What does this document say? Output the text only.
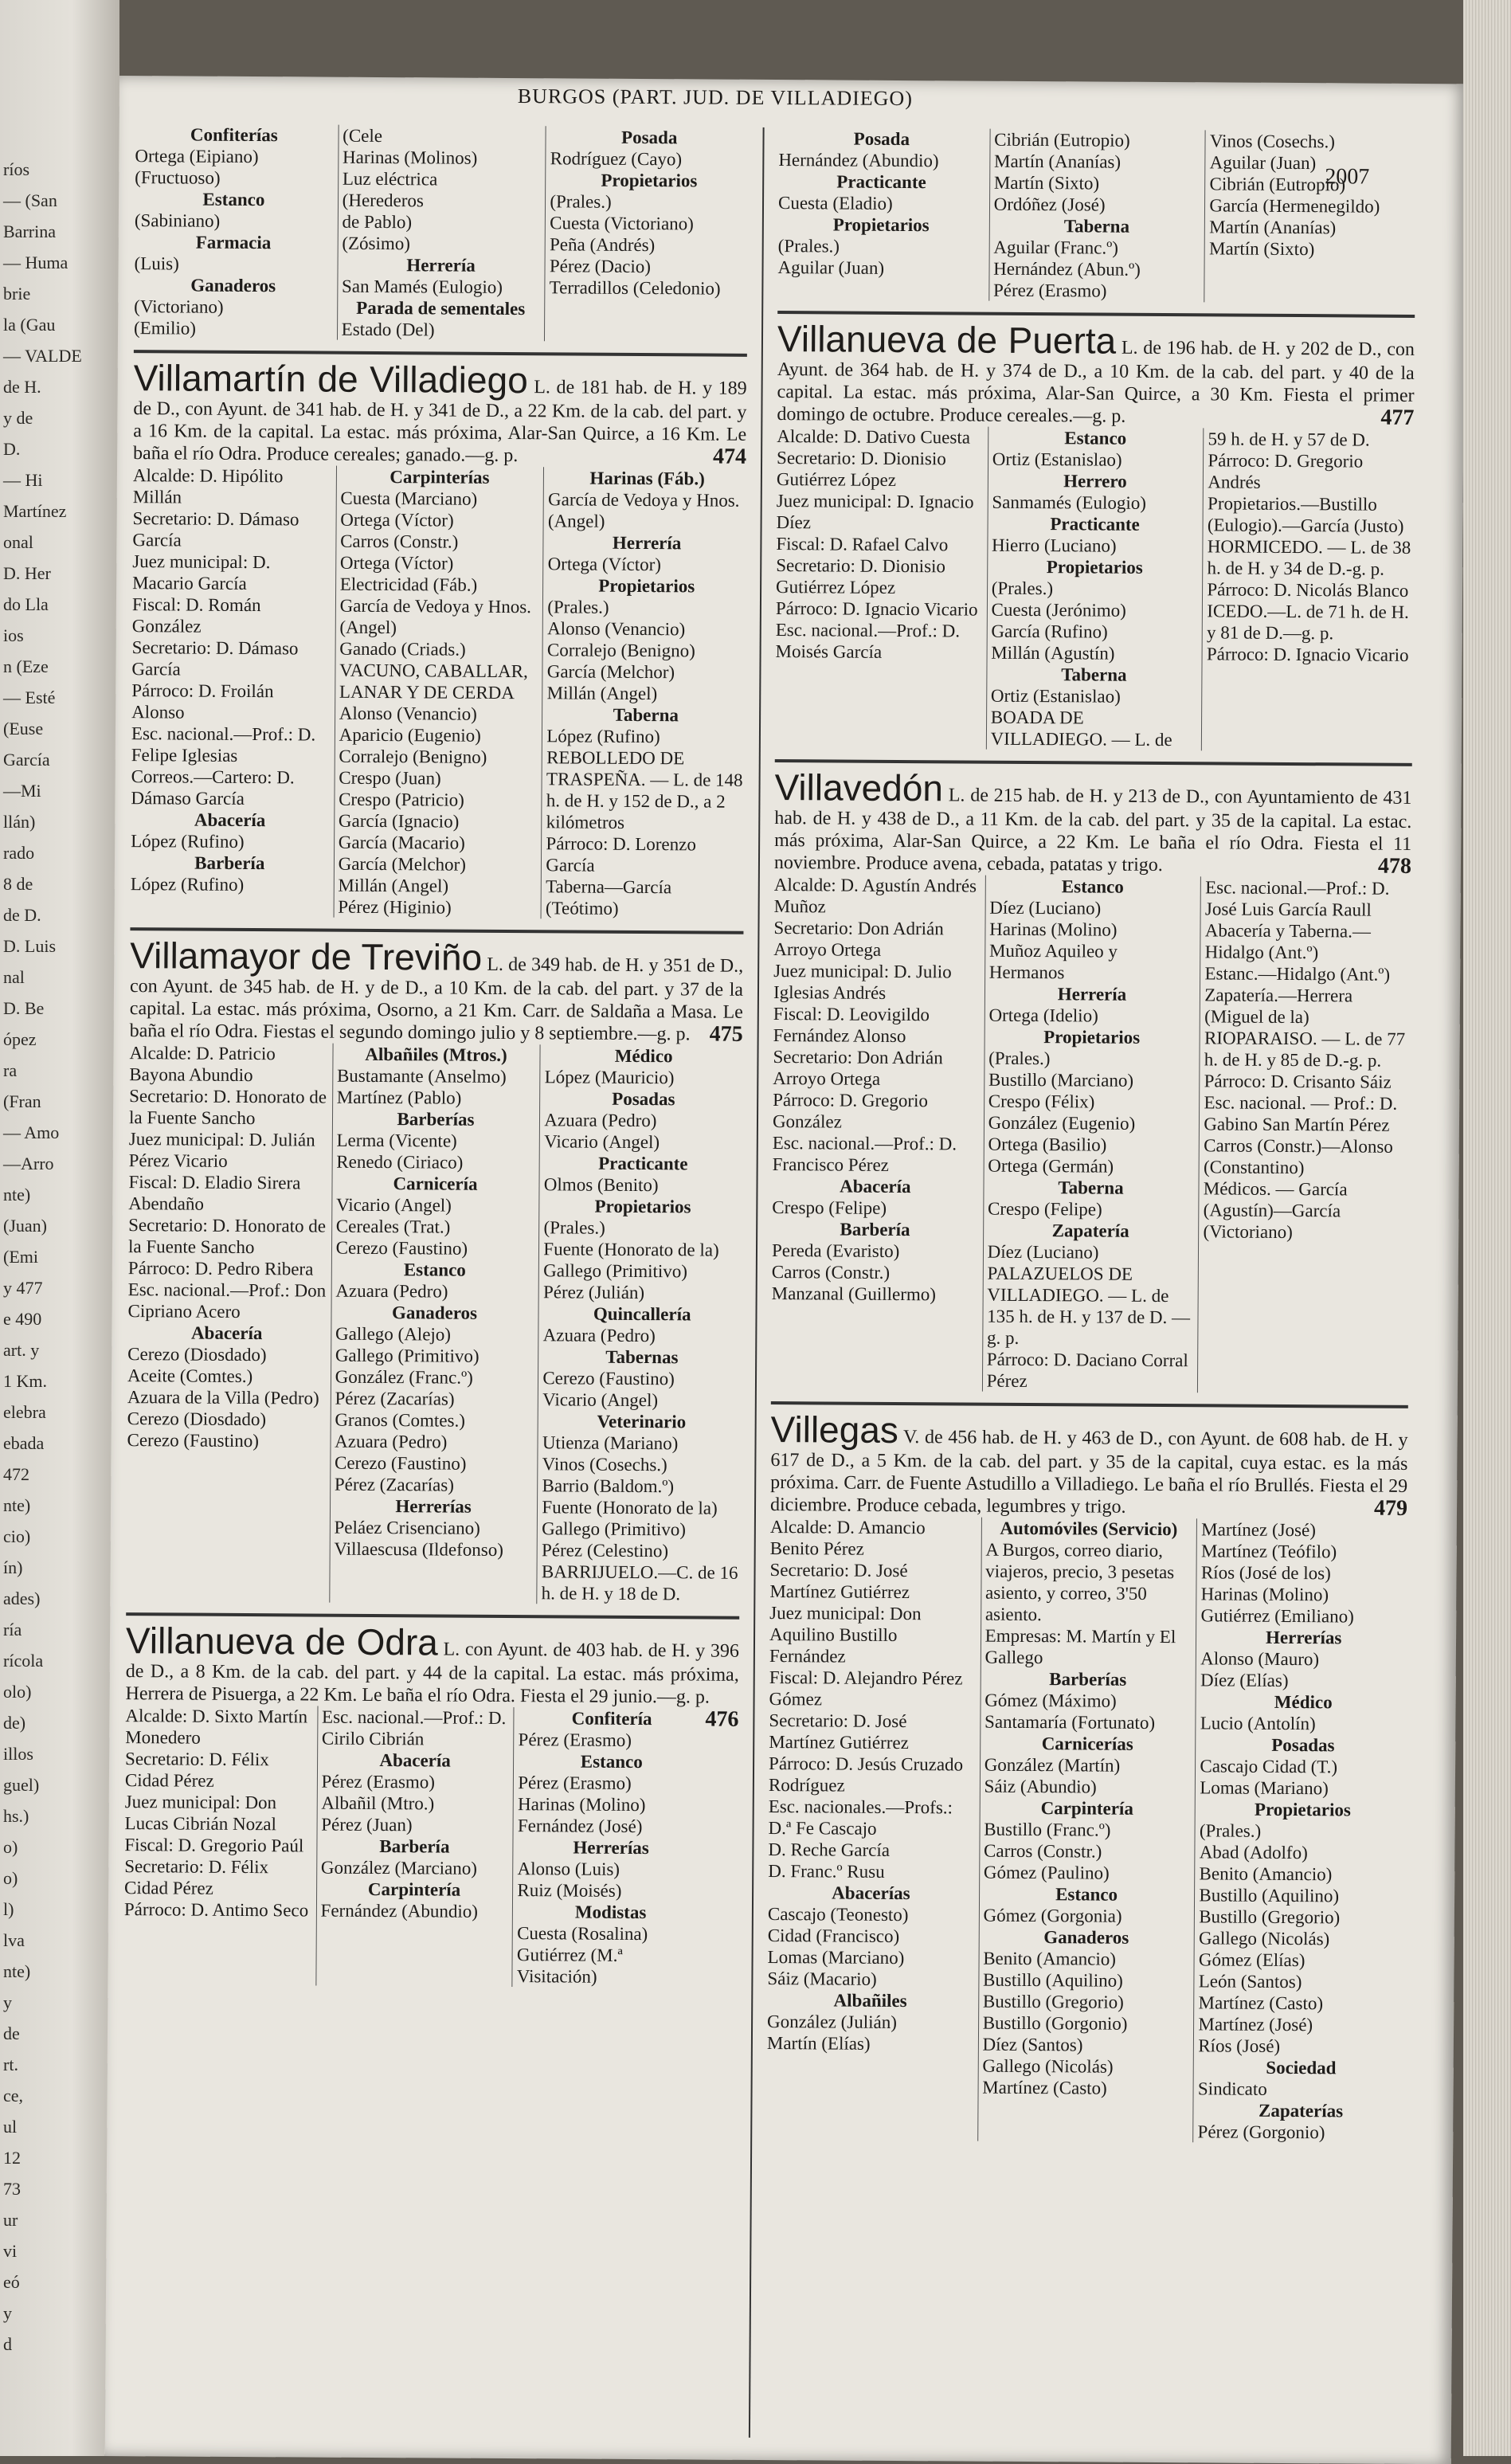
ríos
— (San
Barrina
— Huma
brie
la (Gau
— VALDE
de H.
y de
D.
— Hi
Martínez
onal
D. Her
do Lla
ios
n (Eze
— Esté
(Euse
García
—Mi
llán)
rado
8 de
de D.
D. Luis
nal
D. Be
ópez
ra
(Fran
— Amo
—Arro
nte)
(Juan)
(Emi
y 477
e 490
art. y
1 Km.
elebra
ebada
472
nte)
cio)
ín)
ades)
ría
rícola
olo)
de)
illos
guel)
hs.)
o)
o)
l)
lva
nte)
y
de
rt.
ce,
ul
12
73
ur
vi
eó
y
d
BURGOS (PART. JUD. DE VILLADIEGO)
2007
Confiterías
Ortega (Eipiano)
(Fructuoso)
Estanco
(Sabiniano)
Farmacia
(Luis)
Ganaderos
(Victoriano)
(Emilio)
(Cele
Harinas (Molinos)
Luz eléctrica
(Herederos
de Pablo)
(Zósimo)
Herrería
San Mamés (Eulogio)
Parada de sementales
Estado (Del)
Posada
Rodríguez (Cayo)
Propietarios
(Prales.)
Cuesta (Victoriano)
Peña (Andrés)
Pérez (Dacio)
Terradillos (Celedonio)
Villamartín de Villadiego L. de 181 hab. de H. y 189 de D., con Ayunt. de 341 hab. de H. y 341 de D., a 22 Km. de la cab. del part. y a 16 Km. de la capital. La estac. más próxima, Alar-San Quirce, a 16 Km. Le baña el río Odra. Produce cereales; ganado.—g. p.	474
Alcalde: D. Hipólito Millán
Secretario: D. Dámaso García
Juez municipal: D. Macario García
Fiscal: D. Román González
Secretario: D. Dámaso García
Párroco: D. Froilán Alonso
Esc. nacional.—Prof.: D. Felipe Iglesias
Correos.—Cartero: D. Dámaso García
Abacería
López (Rufino)
Barbería
López (Rufino)
Carpinterías
Cuesta (Marciano)
Ortega (Víctor)
Carros (Constr.)
Ortega (Víctor)
Electricidad (Fáb.)
García de Vedoya y Hnos. (Angel)
Ganado (Criads.)
VACUNO, CABALLAR, LANAR Y DE CERDA
Alonso (Venancio)
Aparicio (Eugenio)
Corralejo (Benigno)
Crespo (Juan)
Crespo (Patricio)
García (Ignacio)
García (Macario)
García (Melchor)
Millán (Angel)
Pérez (Higinio)
Harinas (Fáb.)
García de Vedoya y Hnos. (Angel)
Herrería
Ortega (Víctor)
Propietarios
(Prales.)
Alonso (Venancio)
Corralejo (Benigno)
García (Melchor)
Millán (Angel)
Taberna
López (Rufino)
REBOLLEDO DE TRASPEÑA. — L. de 148 h. de H. y 152 de D., a 2 kilómetros
Párroco: D. Lorenzo García
Taberna—García (Teótimo)
Villamayor de Treviño L. de 349 hab. de H. y 351 de D., con Ayunt. de 345 hab. de H. y de D., a 10 Km. de la cab. del part. y 37 de la capital. La estac. más próxima, Osorno, a 21 Km. Carr. de Saldaña a Masa. Le baña el río Odra. Fiestas el segundo domingo julio y 8 septiembre.—g. p. 475
Alcalde: D. Patricio Bayona Abundio
Secretario: D. Honorato de la Fuente Sancho
Juez municipal: D. Julián Pérez Vicario
Fiscal: D. Eladio Sirera Abendaño
Secretario: D. Honorato de la Fuente Sancho
Párroco: D. Pedro Ribera
Esc. nacional.—Prof.: Don Cipriano Acero
Abacería
Cerezo (Diosdado)
Aceite (Comtes.)
Azuara de la Villa (Pedro)
Cerezo (Diosdado)
Cerezo (Faustino)
Albañiles (Mtros.)
Bustamante (Anselmo)
Martínez (Pablo)
Barberías
Lerma (Vicente)
Renedo (Ciriaco)
Carnicería
Vicario (Angel)
Cereales (Trat.)
Cerezo (Faustino)
Estanco
Azuara (Pedro)
Ganaderos
Gallego (Alejo)
Gallego (Primitivo)
González (Franc.º)
Pérez (Zacarías)
Granos (Comtes.)
Azuara (Pedro)
Cerezo (Faustino)
Pérez (Zacarías)
Herrerías
Peláez Crisenciano)
Villaescusa (Ildefonso)
Médico
López (Mauricio)
Posadas
Azuara (Pedro)
Vicario (Angel)
Practicante
Olmos (Benito)
Propietarios
(Prales.)
Fuente (Honorato de la)
Gallego (Primitivo)
Pérez (Julián)
Quincallería
Azuara (Pedro)
Tabernas
Cerezo (Faustino)
Vicario (Angel)
Veterinario
Utienza (Mariano)
Vinos (Cosechs.)
Barrio (Baldom.º)
Fuente (Honorato de la)
Gallego (Primitivo)
Pérez (Celestino)
BARRIJUELO.—C. de 16 h. de H. y 18 de D.
Villanueva de Odra L. con Ayunt. de 403 hab. de H. y 396 de D., a 8 Km. de la cab. del part. y 44 de la capital. La estac. más próxima, Herrera de Pisuerga, a 22 Km. Le baña el río Odra. Fiesta el 29 junio.—g. p.
476
Alcalde: D. Sixto Martín Monedero
Secretario: D. Félix Cidad Pérez
Juez municipal: Don Lucas Cibrián Nozal
Fiscal: D. Gregorio Paúl
Secretario: D. Félix Cidad Pérez
Párroco: D. Antimo Seco
Esc. nacional.—Prof.: D. Cirilo Cibrián
Abacería
Pérez (Erasmo)
Albañil (Mtro.)
Pérez (Juan)
Barbería
González (Marciano)
Carpintería
Fernández (Abundio)
Confitería
Pérez (Erasmo)
Estanco
Pérez (Erasmo)
Harinas (Molino)
Fernández (José)
Herrerías
Alonso (Luis)
Ruiz (Moisés)
Modistas
Cuesta (Rosalina)
Gutiérrez (M.ª Visitación)
Posada
Hernández (Abundio)
Practicante
Cuesta (Eladio)
Propietarios
(Prales.)
Aguilar (Juan)
Cibrián (Eutropio)
Martín (Ananías)
Martín (Sixto)
Ordóñez (José)
Taberna
Aguilar (Franc.º)
Hernández (Abun.º)
Pérez (Erasmo)
Vinos (Cosechs.)
Aguilar (Juan)
Cibrián (Eutropio)
García (Hermenegildo)
Martín (Ananías)
Martín (Sixto)
Villanueva de Puerta L. de 196 hab. de H. y 202 de D., con Ayunt. de 364 hab. de H. y 374 de D., a 10 Km. de la cab. del part. y 40 de la capital. La estac. más próxima, Alar-San Quirce, a 30 Km. Fiesta el primer domingo de octubre. Produce cereales.—g. p.	477
Alcalde: D. Dativo Cuesta
Secretario: D. Dionisio Gutiérrez López
Juez municipal: D. Ignacio Díez
Fiscal: D. Rafael Calvo
Secretario: D. Dionisio Gutiérrez López
Párroco: D. Ignacio Vicario
Esc. nacional.—Prof.: D. Moisés García
Estanco
Ortiz (Estanislao)
Herrero
Sanmamés (Eulogio)
Practicante
Hierro (Luciano)
Propietarios
(Prales.)
Cuesta (Jerónimo)
García (Rufino)
Millán (Agustín)
Taberna
Ortiz (Estanislao)
BOADA DE VILLADIEGO. — L. de
59 h. de H. y 57 de D.
Párroco: D. Gregorio Andrés
Propietarios.—Bustillo (Eulogio).—García (Justo)
HORMICEDO. — L. de 38 h. de H. y 34 de D.-g. p.
Párroco: D. Nicolás Blanco
ICEDO.—L. de 71 h. de H. y 81 de D.—g. p.
Párroco: D. Ignacio Vicario
Villavedón L. de 215 hab. de H. y 213 de D., con Ayuntamiento de 431 hab. de H. y 438 de D., a 11 Km. de la cab. del part. y 35 de la capital. La estac. más próxima, Alar-San Quirce, a 22 Km. Le baña el río Odra. Fiesta el 11 noviembre. Produce avena, cebada, patatas y trigo.	478
Alcalde: D. Agustín Andrés Muñoz
Secretario: Don Adrián Arroyo Ortega
Juez municipal: D. Julio Iglesias Andrés
Fiscal: D. Leovigildo Fernández Alonso
Secretario: Don Adrián Arroyo Ortega
Párroco: D. Gregorio González
Esc. nacional.—Prof.: D. Francisco Pérez
Abacería
Crespo (Felipe)
Barbería
Pereda (Evaristo)
Carros (Constr.)
Manzanal (Guillermo)
Estanco
Díez (Luciano)
Harinas (Molino)
Muñoz Aquileo y Hermanos
Herrería
Ortega (Idelio)
Propietarios
(Prales.)
Bustillo (Marciano)
Crespo (Félix)
González (Eugenio)
Ortega (Basilio)
Ortega (Germán)
Taberna
Crespo (Felipe)
Zapatería
Díez (Luciano)
PALAZUELOS DE VILLADIEGO. — L. de 135 h. de H. y 137 de D. — g. p.
Párroco: D. Daciano Corral Pérez
Esc. nacional.—Prof.: D. José Luis García Raull
Abacería y Taberna.—Hidalgo (Ant.º)
Estanc.—Hidalgo (Ant.º)
Zapatería.—Herrera (Miguel de la)
RIOPARAISO. — L. de 77 h. de H. y 85 de D.-g. p.
Párroco: D. Crisanto Sáiz
Esc. nacional. — Prof.: D. Gabino San Martín Pérez
Carros (Constr.)—Alonso (Constantino)
Médicos. — García (Agustín)—García (Victoriano)
Villegas V. de 456 hab. de H. y 463 de D., con Ayunt. de 608 hab. de H. y 617 de D., a 5 Km. de la cab. del part. y 35 de la capital, cuya estac. es la más próxima. Carr. de Fuente Astudillo a Villadiego. Le baña el río Brullés. Fiesta el 29 diciembre. Produce cebada, legumbres y trigo.	479
Alcalde: D. Amancio Benito Pérez
Secretario: D. José Martínez Gutiérrez
Juez municipal: Don Aquilino Bustillo Fernández
Fiscal: D. Alejandro Pérez Gómez
Secretario: D. José Martínez Gutiérrez
Párroco: D. Jesús Cruzado Rodríguez
Esc. nacionales.—Profs.: D.ª Fe Cascajo
D. Reche García
D. Franc.º Rusu
Abacerías
Cascajo (Teonesto)
Cidad (Francisco)
Lomas (Marciano)
Sáiz (Macario)
Albañiles
González (Julián)
Martín (Elías)
Automóviles (Servicio)
A Burgos, correo diario, viajeros, precio, 3 pesetas asiento, y correo, 3'50 asiento.
Empresas: M. Martín y El Gallego
Barberías
Gómez (Máximo)
Santamaría (Fortunato)
Carnicerías
González (Martín)
Sáiz (Abundio)
Carpintería
Bustillo (Franc.º)
Carros (Constr.)
Gómez (Paulino)
Estanco
Gómez (Gorgonia)
Ganaderos
Benito (Amancio)
Bustillo (Aquilino)
Bustillo (Gregorio)
Bustillo (Gorgonio)
Díez (Santos)
Gallego (Nicolás)
Martínez (Casto)
Martínez (José)
Martínez (Teófilo)
Ríos (José de los)
Harinas (Molino)
Gutiérrez (Emiliano)
Herrerías
Alonso (Mauro)
Díez (Elías)
Médico
Lucio (Antolín)
Posadas
Cascajo Cidad (T.)
Lomas (Mariano)
Propietarios
(Prales.)
Abad (Adolfo)
Benito (Amancio)
Bustillo (Aquilino)
Bustillo (Gregorio)
Gallego (Nicolás)
Gómez (Elías)
León (Santos)
Martínez (Casto)
Martínez (José)
Ríos (José)
Sociedad
Sindicato
Zapaterías
Pérez (Gorgonio)
